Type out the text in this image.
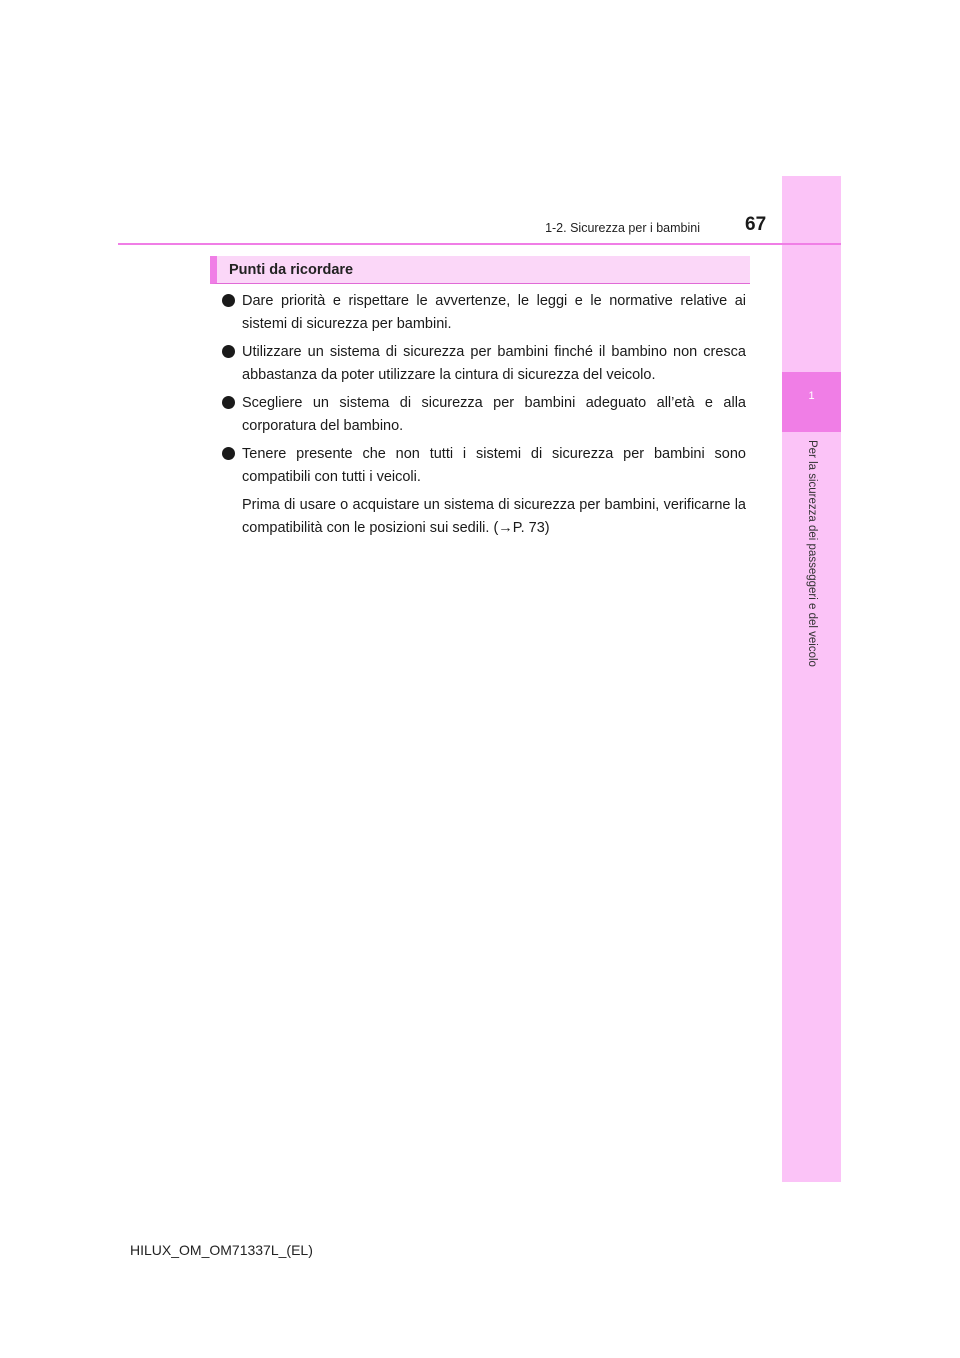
1
Per la sicurezza dei passeggeri e del veicolo
1-2. Sicurezza per i bambini 67
Punti da ricordare
Dare priorità e rispettare le avvertenze, le leggi e le normative relative ai sistemi di sicurezza per bambini.
Utilizzare un sistema di sicurezza per bambini finché il bambino non cresca abbastanza da poter utilizzare la cintura di sicurezza del veicolo.
Scegliere un sistema di sicurezza per bambini adeguato all’età e alla corporatura del bambino.
Tenere presente che non tutti i sistemi di sicurezza per bambini sono compatibili con tutti i veicoli.
Prima di usare o acquistare un sistema di sicurezza per bambini, verificarne la compatibilità con le posizioni sui sedili. (→P. 73)
HILUX_OM_OM71337L_(EL)
